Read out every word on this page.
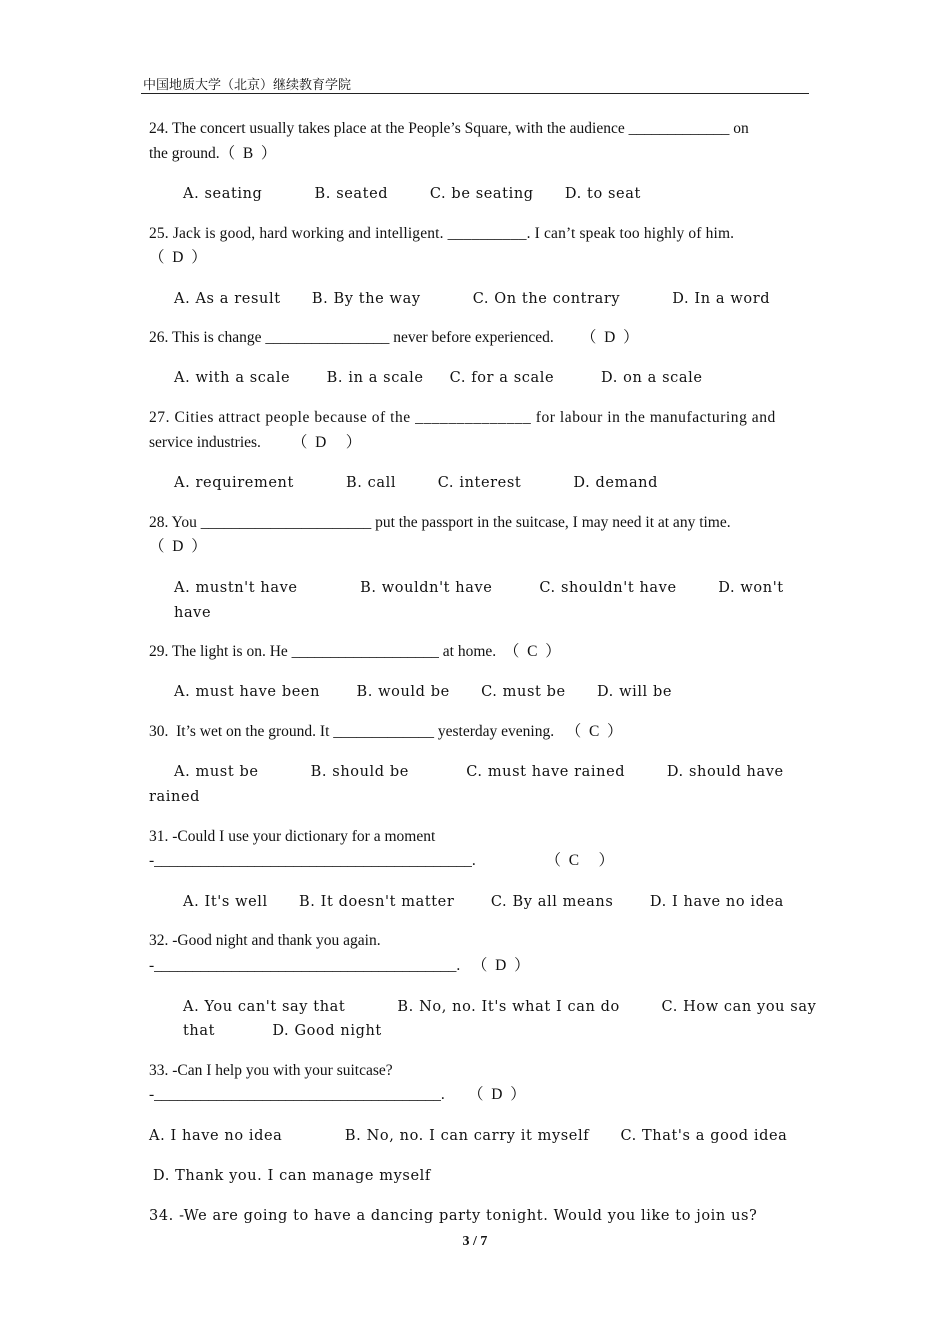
中国地质大学（北京）继续教育学院
24. The concert usually takes place at the People’s Square, with the audience _____________ on
the ground.（  B  ）
A. seating          B. seated        C. be seating      D. to seat
25. Jack is good, hard working and intelligent. __________. I can’t speak too highly of him.
（  D  ）
A. As a result      B. By the way          C. On the contrary          D. In a word
26. This is change ________________ never before experienced.       （  D  ）
A. with a scale       B. in a scale     C. for a scale         D. on a scale
27. Cities attract people because of the ______________ for labour in the manufacturing and
service industries.        （  D     ）
A. requirement          B. call        C. interest          D. demand
28. You ______________________ put the passport in the suitcase, I may need it at any time.
（  D  ）
A. mustn't have            B. wouldn't have         C. shouldn't have        D. won't
have
29. The light is on. He ___________________ at home.  （  C  ）
A. must have been       B. would be      C. must be      D. will be
30.  It’s wet on the ground. It _____________ yesterday evening.   （  C  ）
A. must be          B. should be           C. must have rained        D. should have
rained
31. -Could I use your dictionary for a moment
-_________________________________________.                  （  C     ）
A. It's well      B. It doesn't matter       C. By all means       D. I have no idea
32. -Good night and thank you again.
-_______________________________________.   （  D  ）
A. You can't say that          B. No, no. It's what I can do        C. How can you say
that           D. Good night
33. -Can I help you with your suitcase?
-_____________________________________.      （  D  ）
A. I have no idea            B. No, no. I can carry it myself      C. That's a good idea
D. Thank you. I can manage myself
34. -We are going to have a dancing party tonight. Would you like to join us?
3 / 7
